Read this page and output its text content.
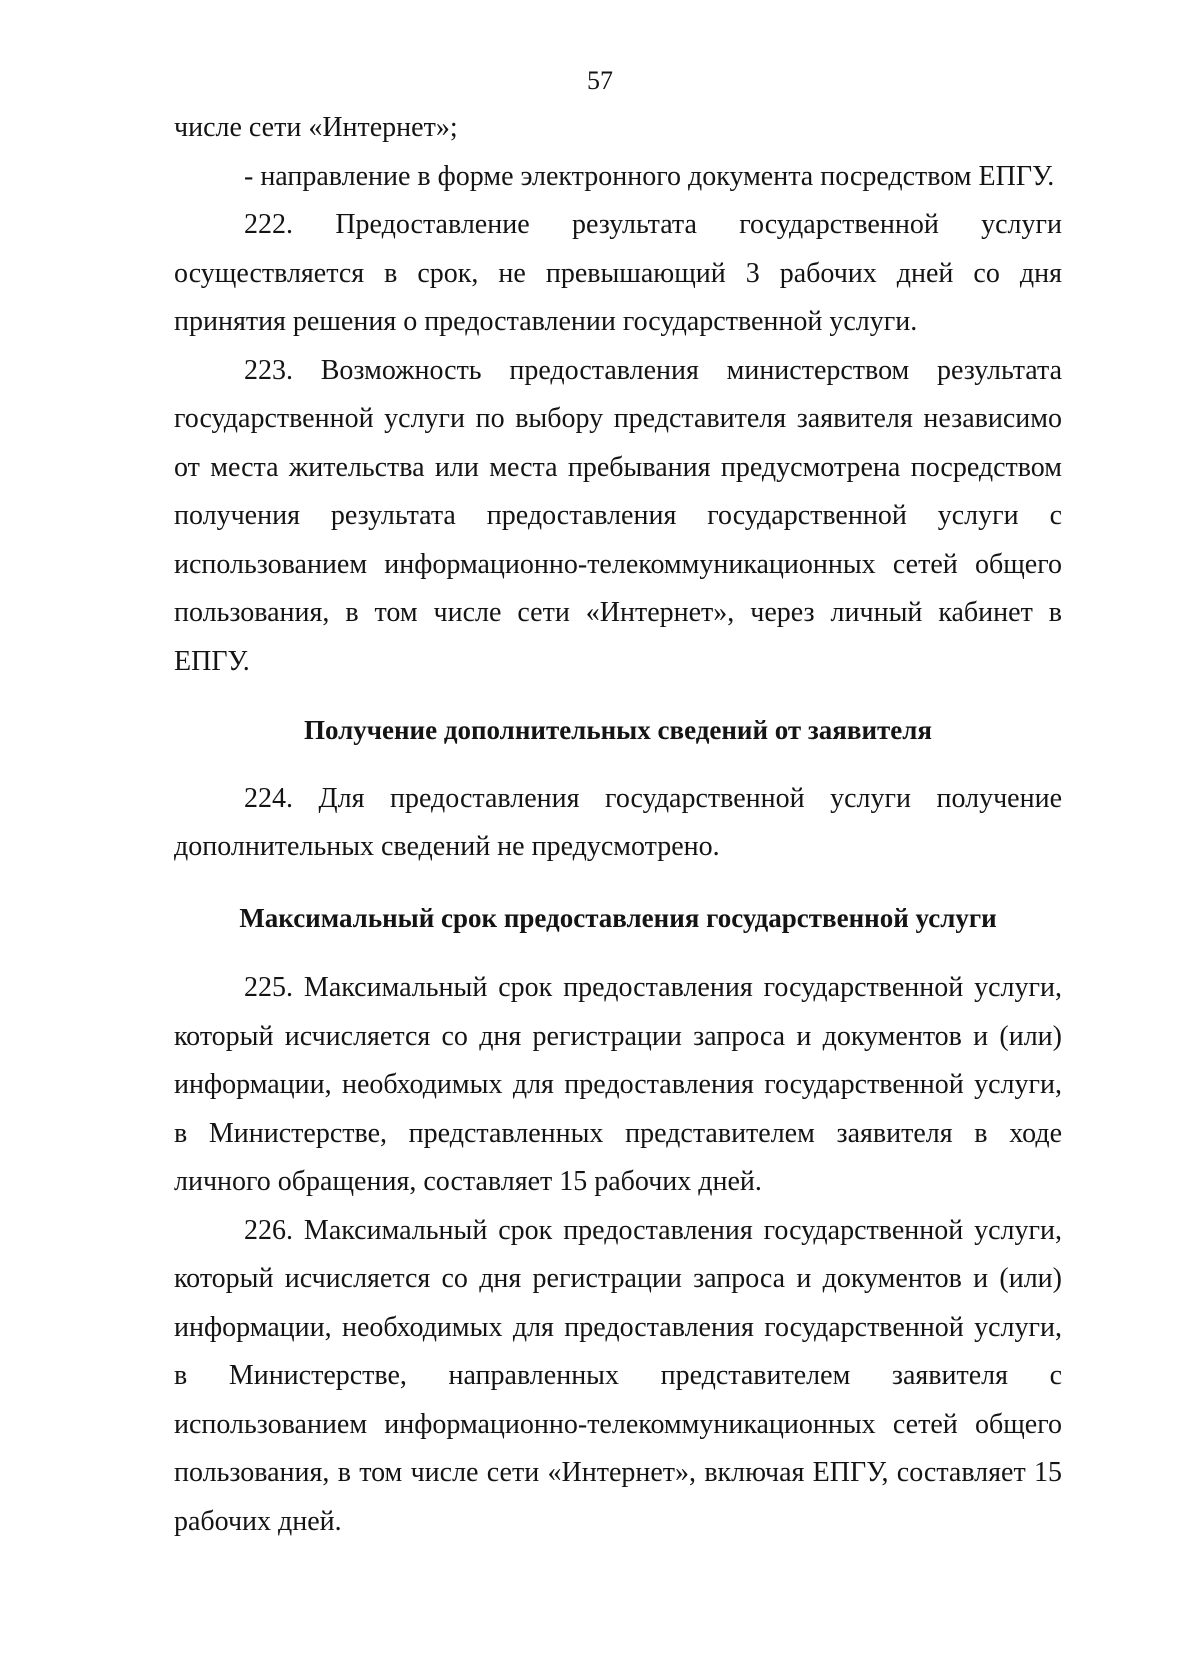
57

числе сети «Интернет»;

- направление в форме электронного документа посредством ЕПГУ.

222. Предоставление результата государственной услуги осуществляется в срок, не превышающий 3 рабочих дней со дня принятия решения о предоставлении государственной услуги.

223. Возможность предоставления министерством результата государственной услуги по выбору представителя заявителя независимо от места жительства или места пребывания предусмотрена посредством получения результата предоставления государственной услуги с использованием информационно-телекоммуникационных сетей общего пользования, в том числе сети «Интернет», через личный кабинет в ЕПГУ.

Получение дополнительных сведений от заявителя

224. Для предоставления государственной услуги получение дополнительных сведений не предусмотрено.

Максимальный срок предоставления государственной услуги

225. Максимальный срок предоставления государственной услуги, который исчисляется со дня регистрации запроса и документов и (или) информации, необходимых для предоставления государственной услуги, в Министерстве, представленных представителем заявителя в ходе личного обращения, составляет 15 рабочих дней.

226. Максимальный срок предоставления государственной услуги, который исчисляется со дня регистрации запроса и документов и (или) информации, необходимых для предоставления государственной услуги, в Министерстве, направленных представителем заявителя с использованием информационно-телекоммуникационных сетей общего пользования, в том числе сети «Интернет», включая ЕПГУ, составляет 15 рабочих дней.
